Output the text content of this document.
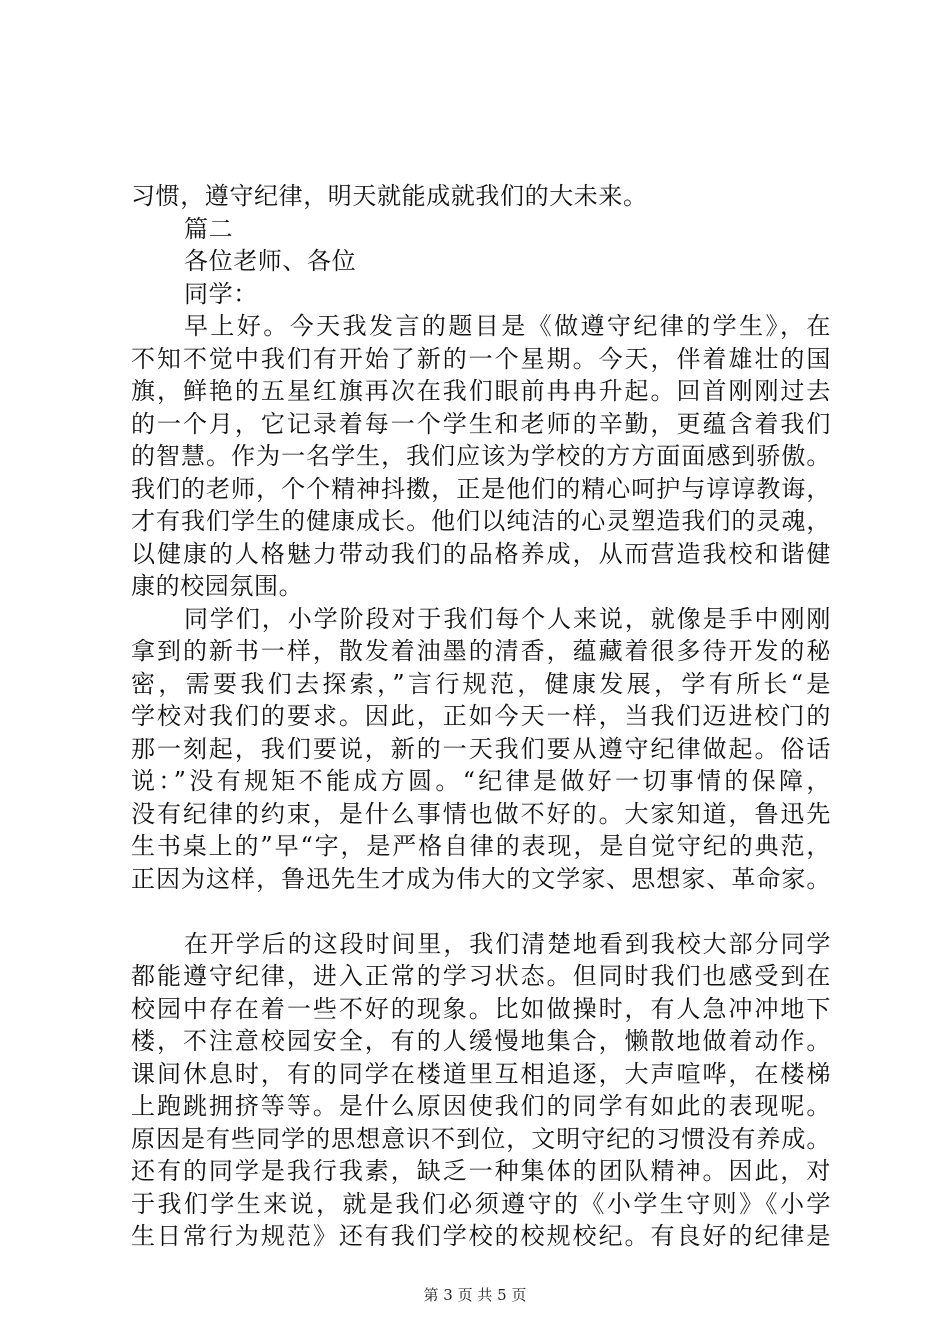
习惯，遵守纪律，明天就能成就我们的大未来。
篇二
各位老师、各位
同学：
早上好。今天我发言的题目是《做遵守纪律的学生》，在
不知不觉中我们有开始了新的一个星期。今天，伴着雄壮的国
旗，鲜艳的五星红旗再次在我们眼前冉冉升起。回首刚刚过去
的一个月，它记录着每一个学生和老师的辛勤，更蕴含着我们
的智慧。作为一名学生，我们应该为学校的方方面面感到骄傲。
我们的老师，个个精神抖擞，正是他们的精心呵护与谆谆教诲，
才有我们学生的健康成长。他们以纯洁的心灵塑造我们的灵魂，
以健康的人格魅力带动我们的品格养成，从而营造我校和谐健
康的校园氛围。
同学们，小学阶段对于我们每个人来说，就像是手中刚刚
拿到的新书一样，散发着油墨的清香，蕴藏着很多待开发的秘
密，需要我们去探索，”言行规范，健康发展，学有所长“是
学校对我们的要求。因此，正如今天一样，当我们迈进校门的
那一刻起，我们要说，新的一天我们要从遵守纪律做起。俗话
说：”没有规矩不能成方圆。“纪律是做好一切事情的保障，
没有纪律的约束，是什么事情也做不好的。大家知道，鲁迅先
生书桌上的”早“字，是严格自律的表现，是自觉守纪的典范，
正因为这样，鲁迅先生才成为伟大的文学家、思想家、革命家。
在开学后的这段时间里，我们清楚地看到我校大部分同学
都能遵守纪律，进入正常的学习状态。但同时我们也感受到在
校园中存在着一些不好的现象。比如做操时，有人急冲冲地下
楼，不注意校园安全，有的人缓慢地集合，懒散地做着动作。
课间休息时，有的同学在楼道里互相追逐，大声喧哗，在楼梯
上跑跳拥挤等等。是什么原因使我们的同学有如此的表现呢。
原因是有些同学的思想意识不到位，文明守纪的习惯没有养成。
还有的同学是我行我素，缺乏一种集体的团队精神。因此，对
于我们学生来说，就是我们必须遵守的《小学生守则》《小学
生日常行为规范》还有我们学校的校规校纪。有良好的纪律是
第 3 页 共 5 页
